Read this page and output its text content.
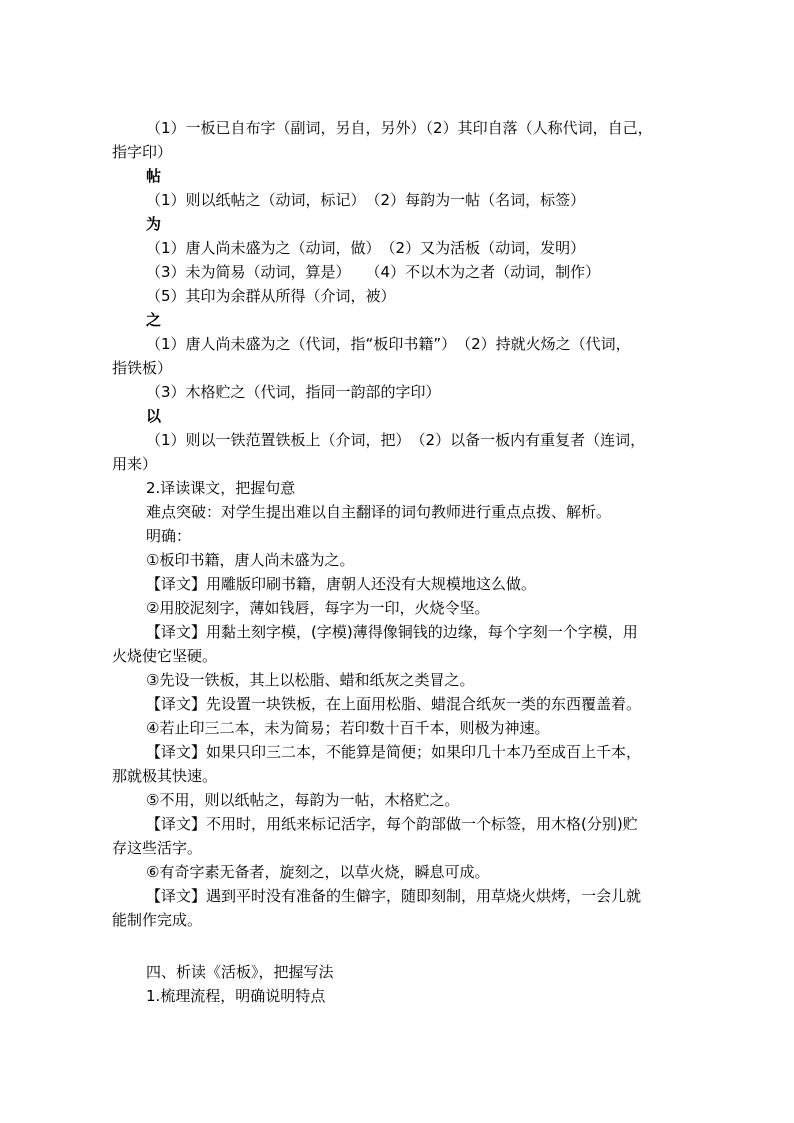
（1）一板已自布字（副词，另自，另外）（2）其印自落（人称代词，自己，
指字印）
帖
（1）则以纸帖之（动词，标记）　（2）每韵为一帖（名词，标签）
为
（1）唐人尚未盛为之（动词，做）　（2）又为活板（动词，发明）
（3）未为简易（动词，算是）　　（4）不以木为之者（动词，制作）
（5）其印为余群从所得（介词，被）
之
（1）唐人尚未盛为之（代词，指“板印书籍”）　（2）持就火炀之（代词，
指铁板）
（3）木格贮之（代词，指同一韵部的字印）
以
（1）则以一铁范置铁板上（介词，把）　（2）以备一板内有重复者（连词，
用来）
2.译读课文，把握句意
难点突破：对学生提出难以自主翻译的词句教师进行重点点拨、解析。
明确：
①板印书籍，唐人尚未盛为之。
【译文】用雕版印刷书籍，唐朝人还没有大规模地这么做。
②用胶泥刻字，薄如钱唇，每字为一印，火烧令坚。
【译文】用黏土刻字模，(字模)薄得像铜钱的边缘，每个字刻一个字模，用
火烧使它坚硬。
③先设一铁板，其上以松脂、蜡和纸灰之类冒之。
【译文】先设置一块铁板，在上面用松脂、蜡混合纸灰一类的东西覆盖着。
④若止印三二本，未为简易；若印数十百千本，则极为神速。
【译文】如果只印三二本，不能算是简便；如果印几十本乃至成百上千本，
那就极其快速。
⑤不用，则以纸帖之，每韵为一帖，木格贮之。
【译文】不用时，用纸来标记活字，每个韵部做一个标签，用木格(分别)贮
存这些活字。
⑥有奇字素无备者，旋刻之，以草火烧，瞬息可成。
【译文】遇到平时没有准备的生僻字，随即刻制，用草烧火烘烤，一会儿就
能制作完成。
四、析读《活板》，把握写法
1.梳理流程，明确说明特点
